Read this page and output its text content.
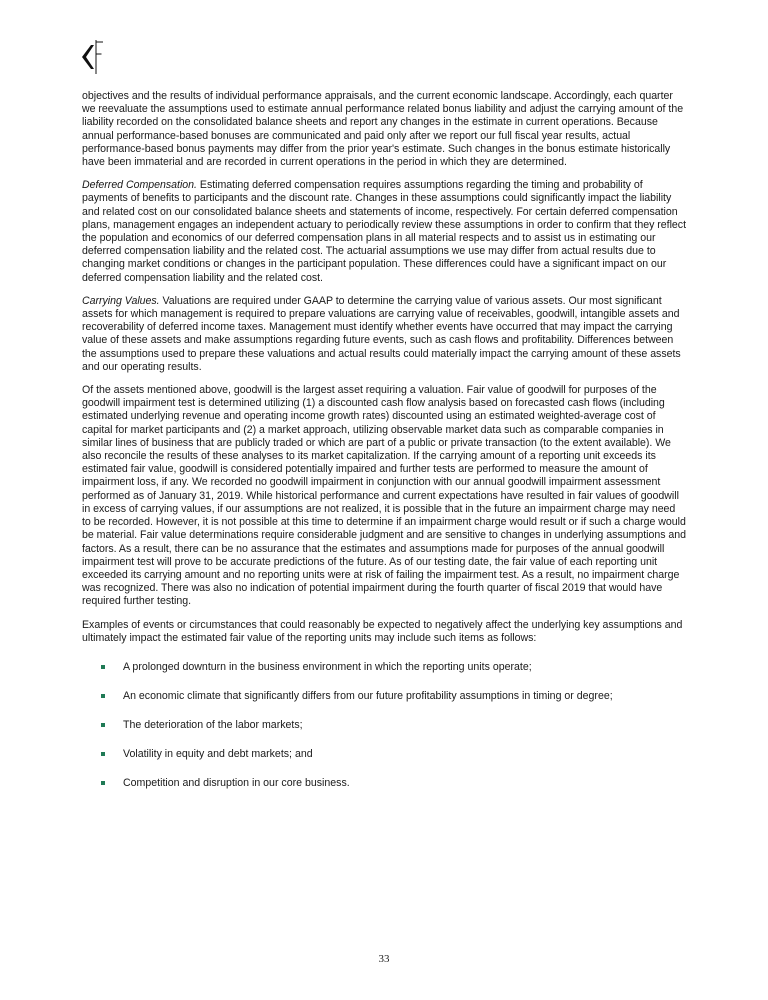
objectives and the results of individual performance appraisals, and the current economic landscape. Accordingly, each quarter we reevaluate the assumptions used to estimate annual performance related bonus liability and adjust the carrying amount of the liability recorded on the consolidated balance sheets and report any changes in the estimate in current operations. Because annual performance-based bonuses are communicated and paid only after we report our full fiscal year results, actual performance-based bonus payments may differ from the prior year's estimate. Such changes in the bonus estimate historically have been immaterial and are recorded in current operations in the period in which they are determined.

Deferred Compensation. Estimating deferred compensation requires assumptions regarding the timing and probability of payments of benefits to participants and the discount rate. Changes in these assumptions could significantly impact the liability and related cost on our consolidated balance sheets and statements of income, respectively. For certain deferred compensation plans, management engages an independent actuary to periodically review these assumptions in order to confirm that they reflect the population and economics of our deferred compensation plans in all material respects and to assist us in estimating our deferred compensation liability and the related cost. The actuarial assumptions we use may differ from actual results due to changing market conditions or changes in the participant population. These differences could have a significant impact on our deferred compensation liability and the related cost.

Carrying Values. Valuations are required under GAAP to determine the carrying value of various assets. Our most significant assets for which management is required to prepare valuations are carrying value of receivables, goodwill, intangible assets and recoverability of deferred income taxes. Management must identify whether events have occurred that may impact the carrying value of these assets and make assumptions regarding future events, such as cash flows and profitability. Differences between the assumptions used to prepare these valuations and actual results could materially impact the carrying amount of these assets and our operating results.

Of the assets mentioned above, goodwill is the largest asset requiring a valuation. Fair value of goodwill for purposes of the goodwill impairment test is determined utilizing (1) a discounted cash flow analysis based on forecasted cash flows (including estimated underlying revenue and operating income growth rates) discounted using an estimated weighted-average cost of capital for market participants and (2) a market approach, utilizing observable market data such as comparable companies in similar lines of business that are publicly traded or which are part of a public or private transaction (to the extent available). We also reconcile the results of these analyses to its market capitalization. If the carrying amount of a reporting unit exceeds its estimated fair value, goodwill is considered potentially impaired and further tests are performed to measure the amount of impairment loss, if any. We recorded no goodwill impairment in conjunction with our annual goodwill impairment assessment performed as of January 31, 2019. While historical performance and current expectations have resulted in fair values of goodwill in excess of carrying values, if our assumptions are not realized, it is possible that in the future an impairment charge may need to be recorded. However, it is not possible at this time to determine if an impairment charge would result or if such a charge would be material. Fair value determinations require considerable judgment and are sensitive to changes in underlying assumptions and factors. As a result, there can be no assurance that the estimates and assumptions made for purposes of the annual goodwill impairment test will prove to be accurate predictions of the future. As of our testing date, the fair value of each reporting unit exceeded its carrying amount and no reporting units were at risk of failing the impairment test. As a result, no impairment charge was recognized. There was also no indication of potential impairment during the fourth quarter of fiscal 2019 that would have required further testing.

Examples of events or circumstances that could reasonably be expected to negatively affect the underlying key assumptions and ultimately impact the estimated fair value of the reporting units may include such items as follows:

A prolonged downturn in the business environment in which the reporting units operate;
An economic climate that significantly differs from our future profitability assumptions in timing or degree;
The deterioration of the labor markets;
Volatility in equity and debt markets; and
Competition and disruption in our core business.
33
